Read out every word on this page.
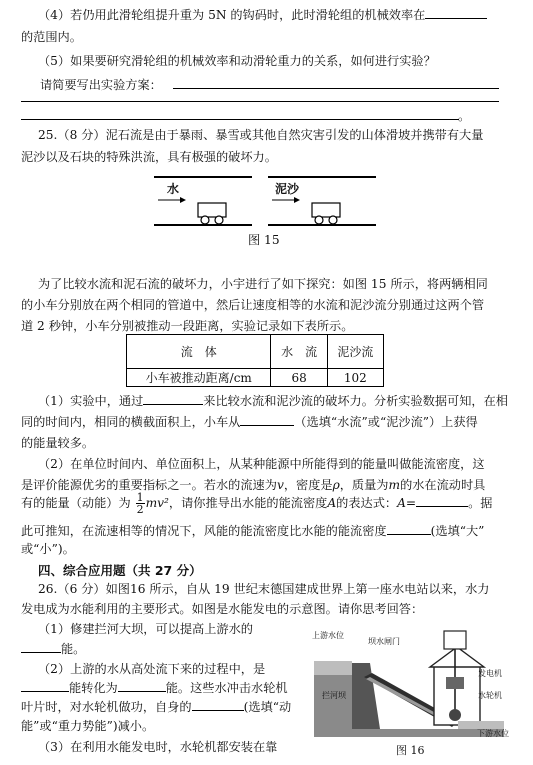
（4）若仍用此滑轮组提升重为 5N 的钩码时，此时滑轮组的机械效率在
的范围内。
（5）如果要研究滑轮组的机械效率和动滑轮重力的关系，如何进行实验？
请简要写出实验方案：
。
25.（8 分）泥石流是由于暴雨、暴雪或其他自然灾害引发的山体滑坡并携带有大量
泥沙以及石块的特殊洪流，具有极强的破坏力。
水	泥沙
图 15
为了比较水流和泥石流的破坏力，小宇进行了如下探究：如图 15 所示，将两辆相同
的小车分别放在两个相同的管道中，然后让速度相等的水流和泥沙流分别通过这两个管
道 2 秒钟，小车分别被推动一段距离，实验记录如下表所示。
流　体	水　流	泥沙流
小车被推动距离/cm	68	102
（1）实验中，通过	来比较水流和泥沙流的破坏力。分析实验数据可知，在相
同的时间内，相同的横截面积上，小车从	（选填“水流”或“泥沙流”）上获得
的能量较多。
（2）在单位时间内、单位面积上，从某种能源中所能得到的能量叫做能流密度，这
是评价能源优劣的重要指标之一。若水的流速为v，密度是ρ，质量为m的水在流动时具
有的能量（动能）为 $\frac{1}{2} mv^2$，请你推导出水能的能流密度A的表达式：A=	。据
此可推知，在流速相等的情况下，风能的能流密度比水能的能流密度	(选填“大”
或“小”)。
四、综合应用题（共 27 分）
26.（6 分）如图16 所示，自从 19 世纪末德国建成世界上第一座水电站以来，水力
发电成为水能利用的主要形式。如图是水能发电的示意图。请你思考回答：
（1）修建拦河大坝，可以提高上游水的
能。
（2）上游的水从高处流下来的过程中，是
能转化为	能。这些水冲击水轮机
叶片时，对水轮机做功，自身的	(选填“动
能”或“重力势能”)减小。
（3）在利用水能发电时，水轮机都安装在靠
上游水位
坝水闸门
拦河坝
发电机
水轮机
下游水位
图 16
